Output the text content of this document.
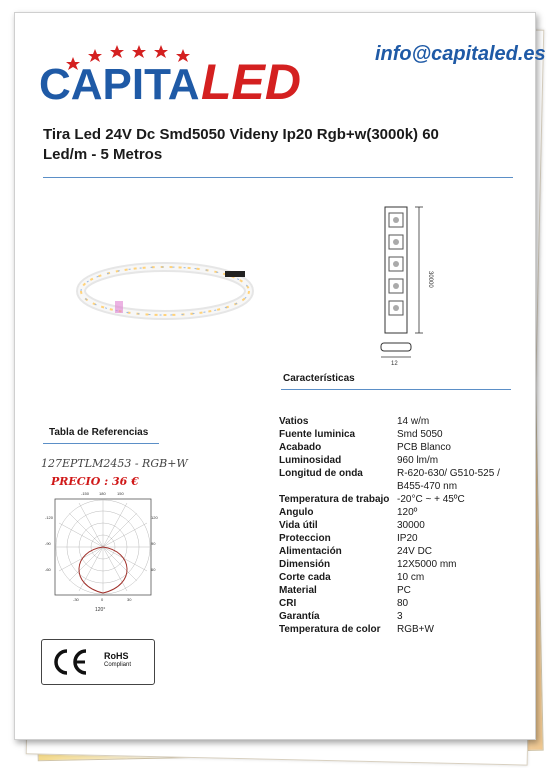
CAPITA LED	info@capitaled.es
Tira Led 24V Dc Smd5050 Videny Ip20 Rgb+w(3000k) 60
Led/m - 5 Metros
30000
12
Características
Vatios	14 w/m
Fuente luminica	Smd 5050
Acabado	PCB Blanco
Luminosidad	960 lm/m
Longitud de onda	R-620-630/ G510-525 / B455-470 nm
Temperatura de trabajo -20°C ~ + 45ºC
Angulo	120º
Vida útil	30000
Proteccion	IP20
Alimentación	24V DC
Dimensión	12X5000 mm
Corte cada	10 cm
Material	PC
CRI	80
Garantía	3
Temperatura de color	RGB+W
Tabla de Referencias
127EPTLM2453 - RGB+W
PRECIO : 36 €
-150 180	150
-120
-90
-60
120
90
60
-30	0	30
120°
RoHS
Compliant
